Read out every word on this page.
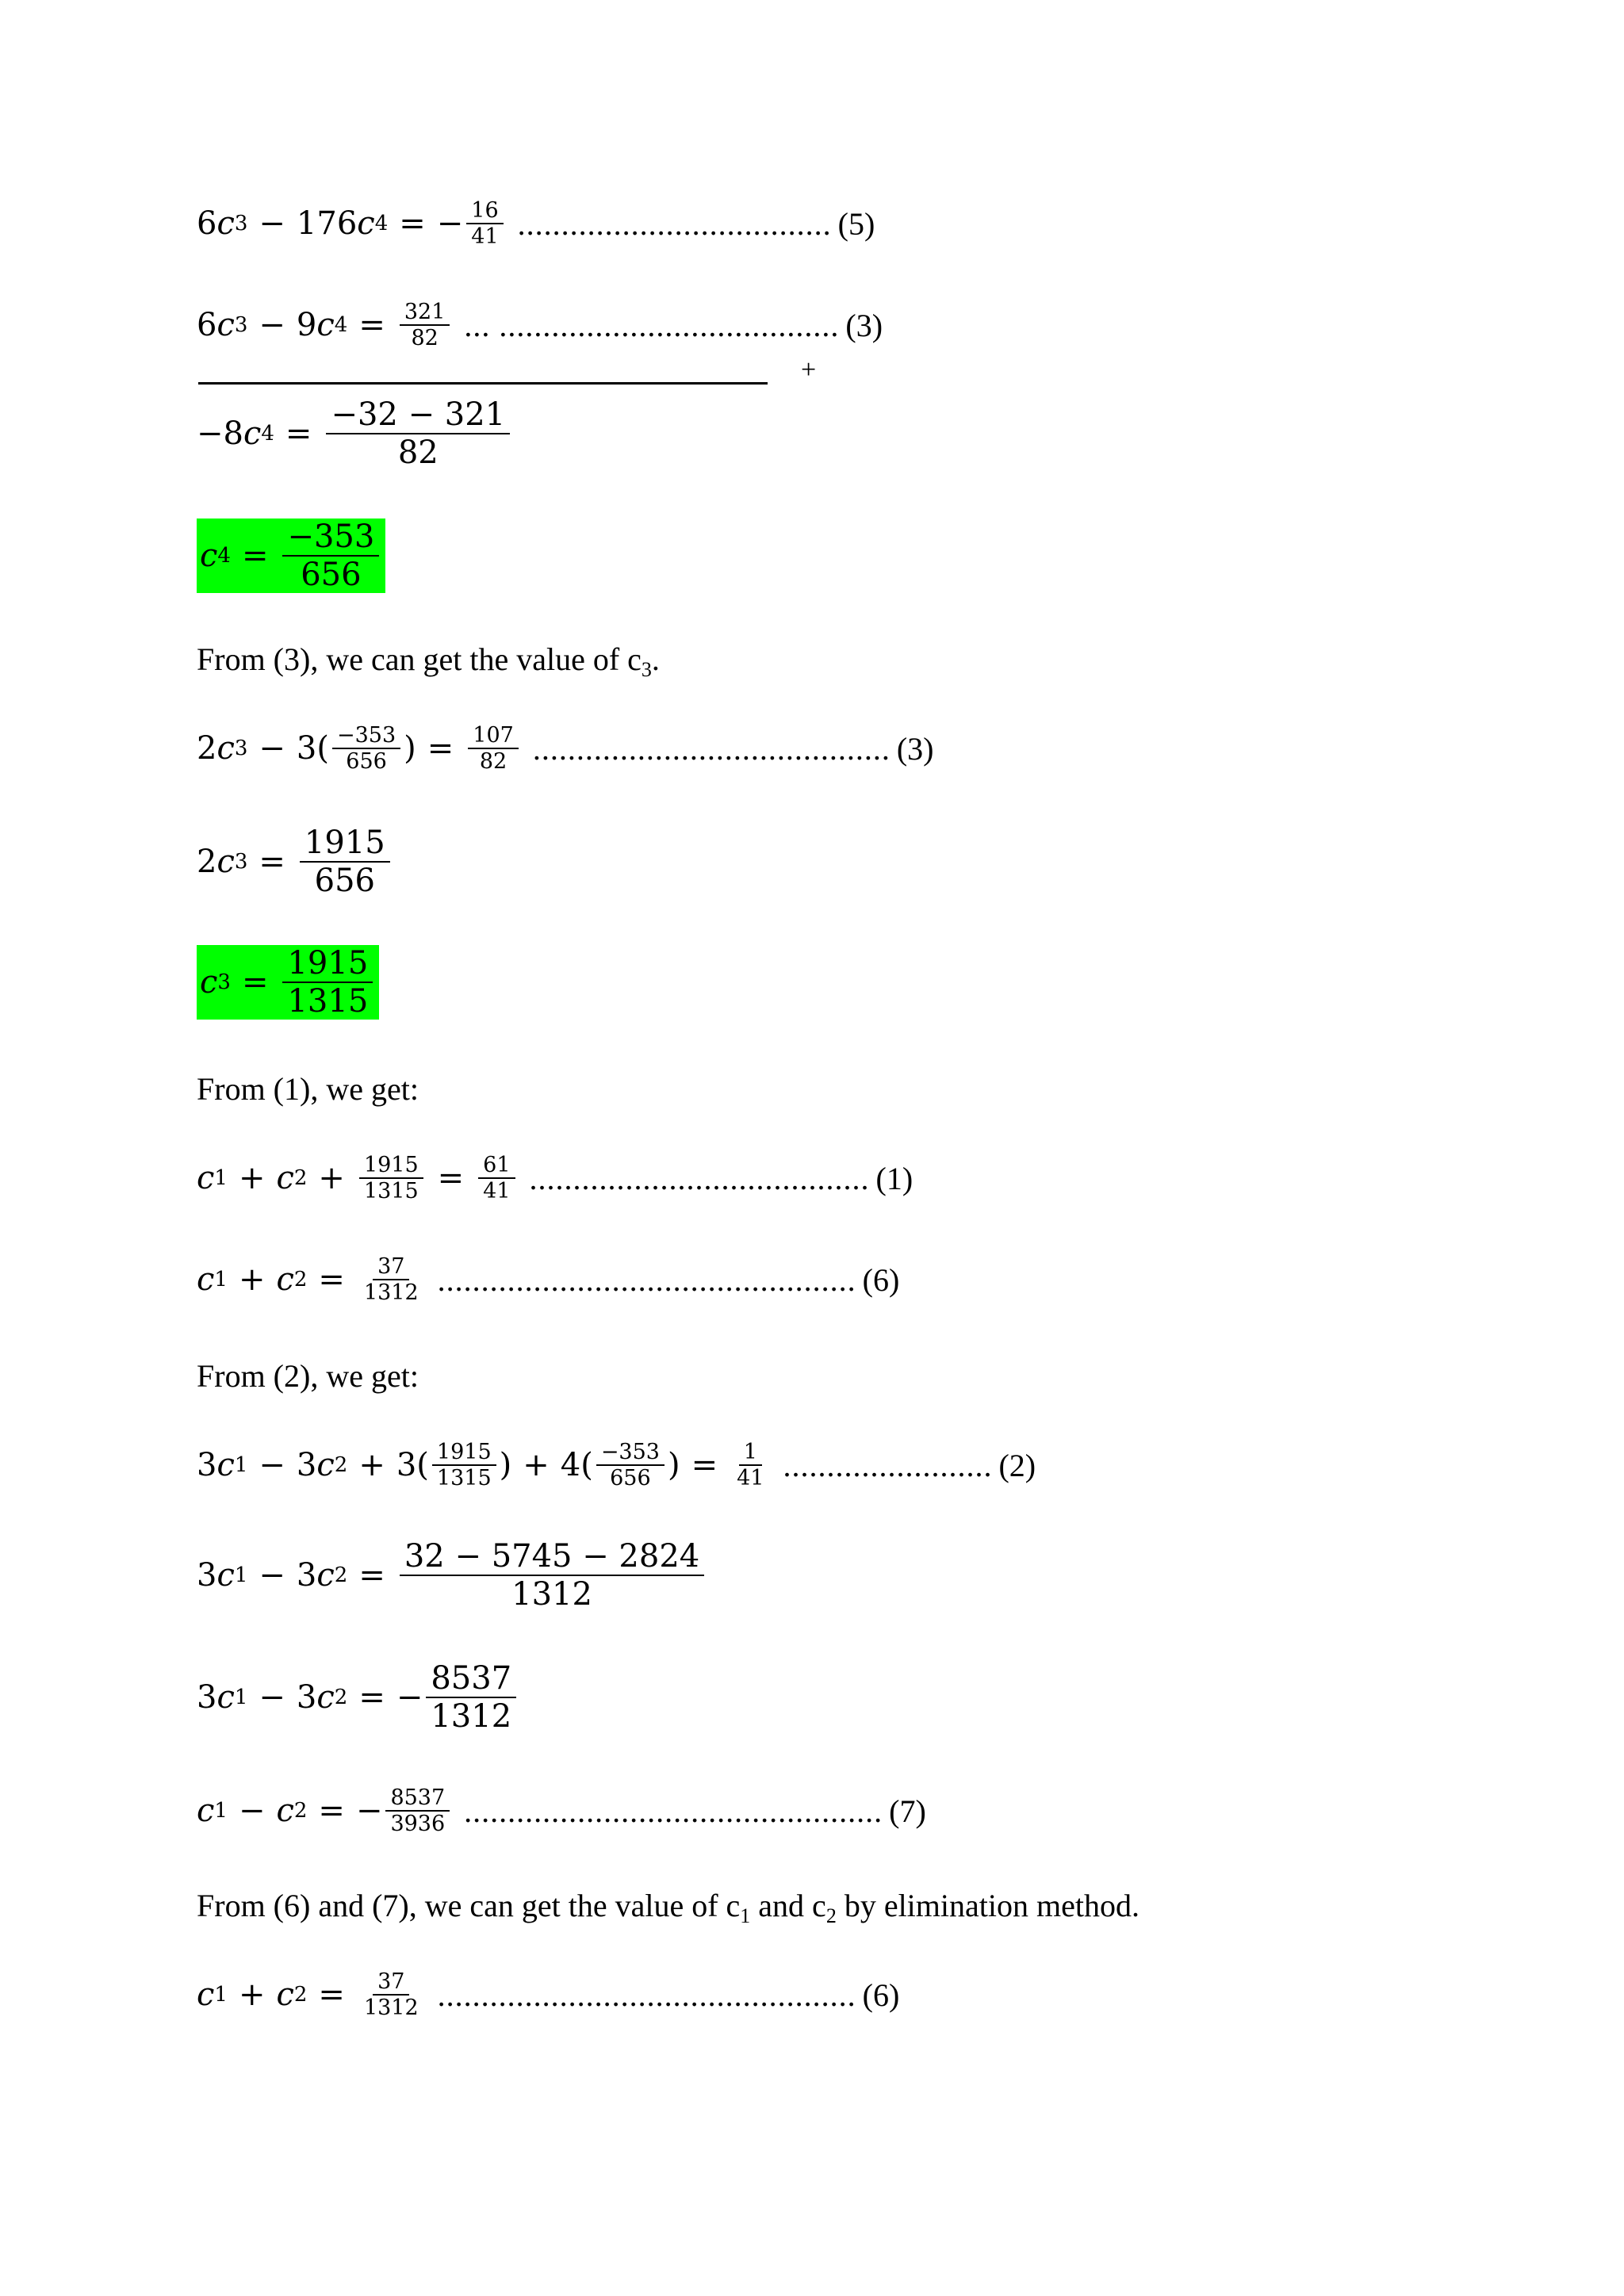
6 c 3 − 176 c 4 = − $\frac{16}{41}$ .................................... (5)
6 c 3 − 9 c $4 = \frac{321}{82}$ ... ....................................... (3)
+
−8 c $4 = \frac{-32 - 321}{82}$
c $4 = \frac{-353}{656}$
From (3), we can get the value of $c_3$.
2 c $3 - 3( \frac{-353}{656}$ ) = $\frac{107}{82}$ ......................................... (3)
2 c $3 = \frac{1915}{656}$
c $3 = \frac{1915}{1315}$
From (1), we get:
c 1 + c $2 + \frac{1915}{1315} = \frac{61}{41}$ ....................................... (1)
c 1 + c $2 = \frac{37}{1312}$ ................................................ (6)
From (2), we get:
3 c 1 − 3 c $2 + 3( \frac{1915}{1315}$ ) + $4( \frac{-353}{656}$ ) = $\frac{1}{41}$ ........................ (2)
3 c 1 − 3 c $2 = \frac{32 - 5745 - 2824}{1312}$
3 c 1 − 3 c 2 = − $\frac{8537}{1312}$
c 1 − c 2 = − $\frac{8537}{3936}$ ................................................ (7)
From (6) and (7), we can get the value of $c_1$ and $c_2$ by elimination method.
c 1 + c $2 = \frac{37}{1312}$ ................................................ (6)
